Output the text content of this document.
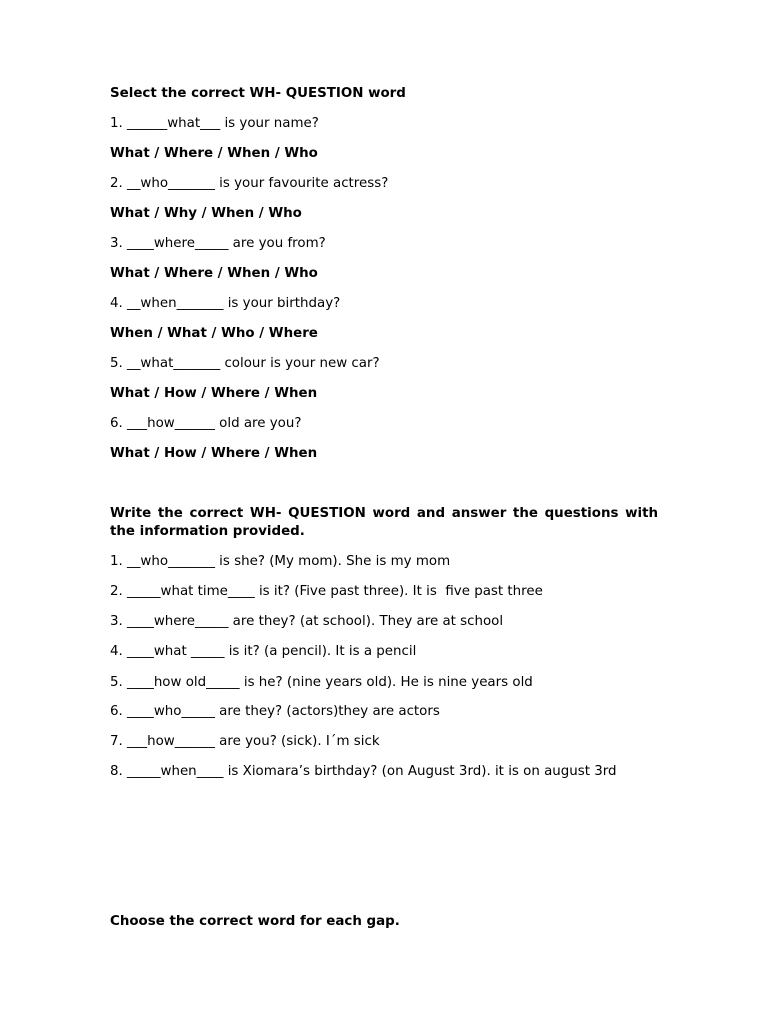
Select the correct WH- QUESTION word
1. ______what___ is your name?
What / Where / When / Who
2. __who_______ is your favourite actress?
What / Why / When / Who
3. ____where_____ are you from?
What / Where / When / Who
4. __when_______ is your birthday?
When / What / Who / Where
5. __what_______ colour is your new car?
What / How / Where / When
6. ___how______ old are you?
What / How / Where / When
Write the correct WH- QUESTION word and answer the questions with the information provided.
1. __who_______ is she? (My mom). She is my mom
2. _____what time____ is it? (Five past three). It is  five past three
3. ____where_____ are they? (at school). They are at school
4. ____what _____ is it? (a pencil). It is a pencil
5. ____how old_____ is he? (nine years old). He is nine years old
6. ____who_____ are they? (actors)they are actors
7. ___how______ are you? (sick). I´m sick
8. _____when____ is Xiomara’s birthday? (on August 3rd). it is on august 3rd
Choose the correct word for each gap.
